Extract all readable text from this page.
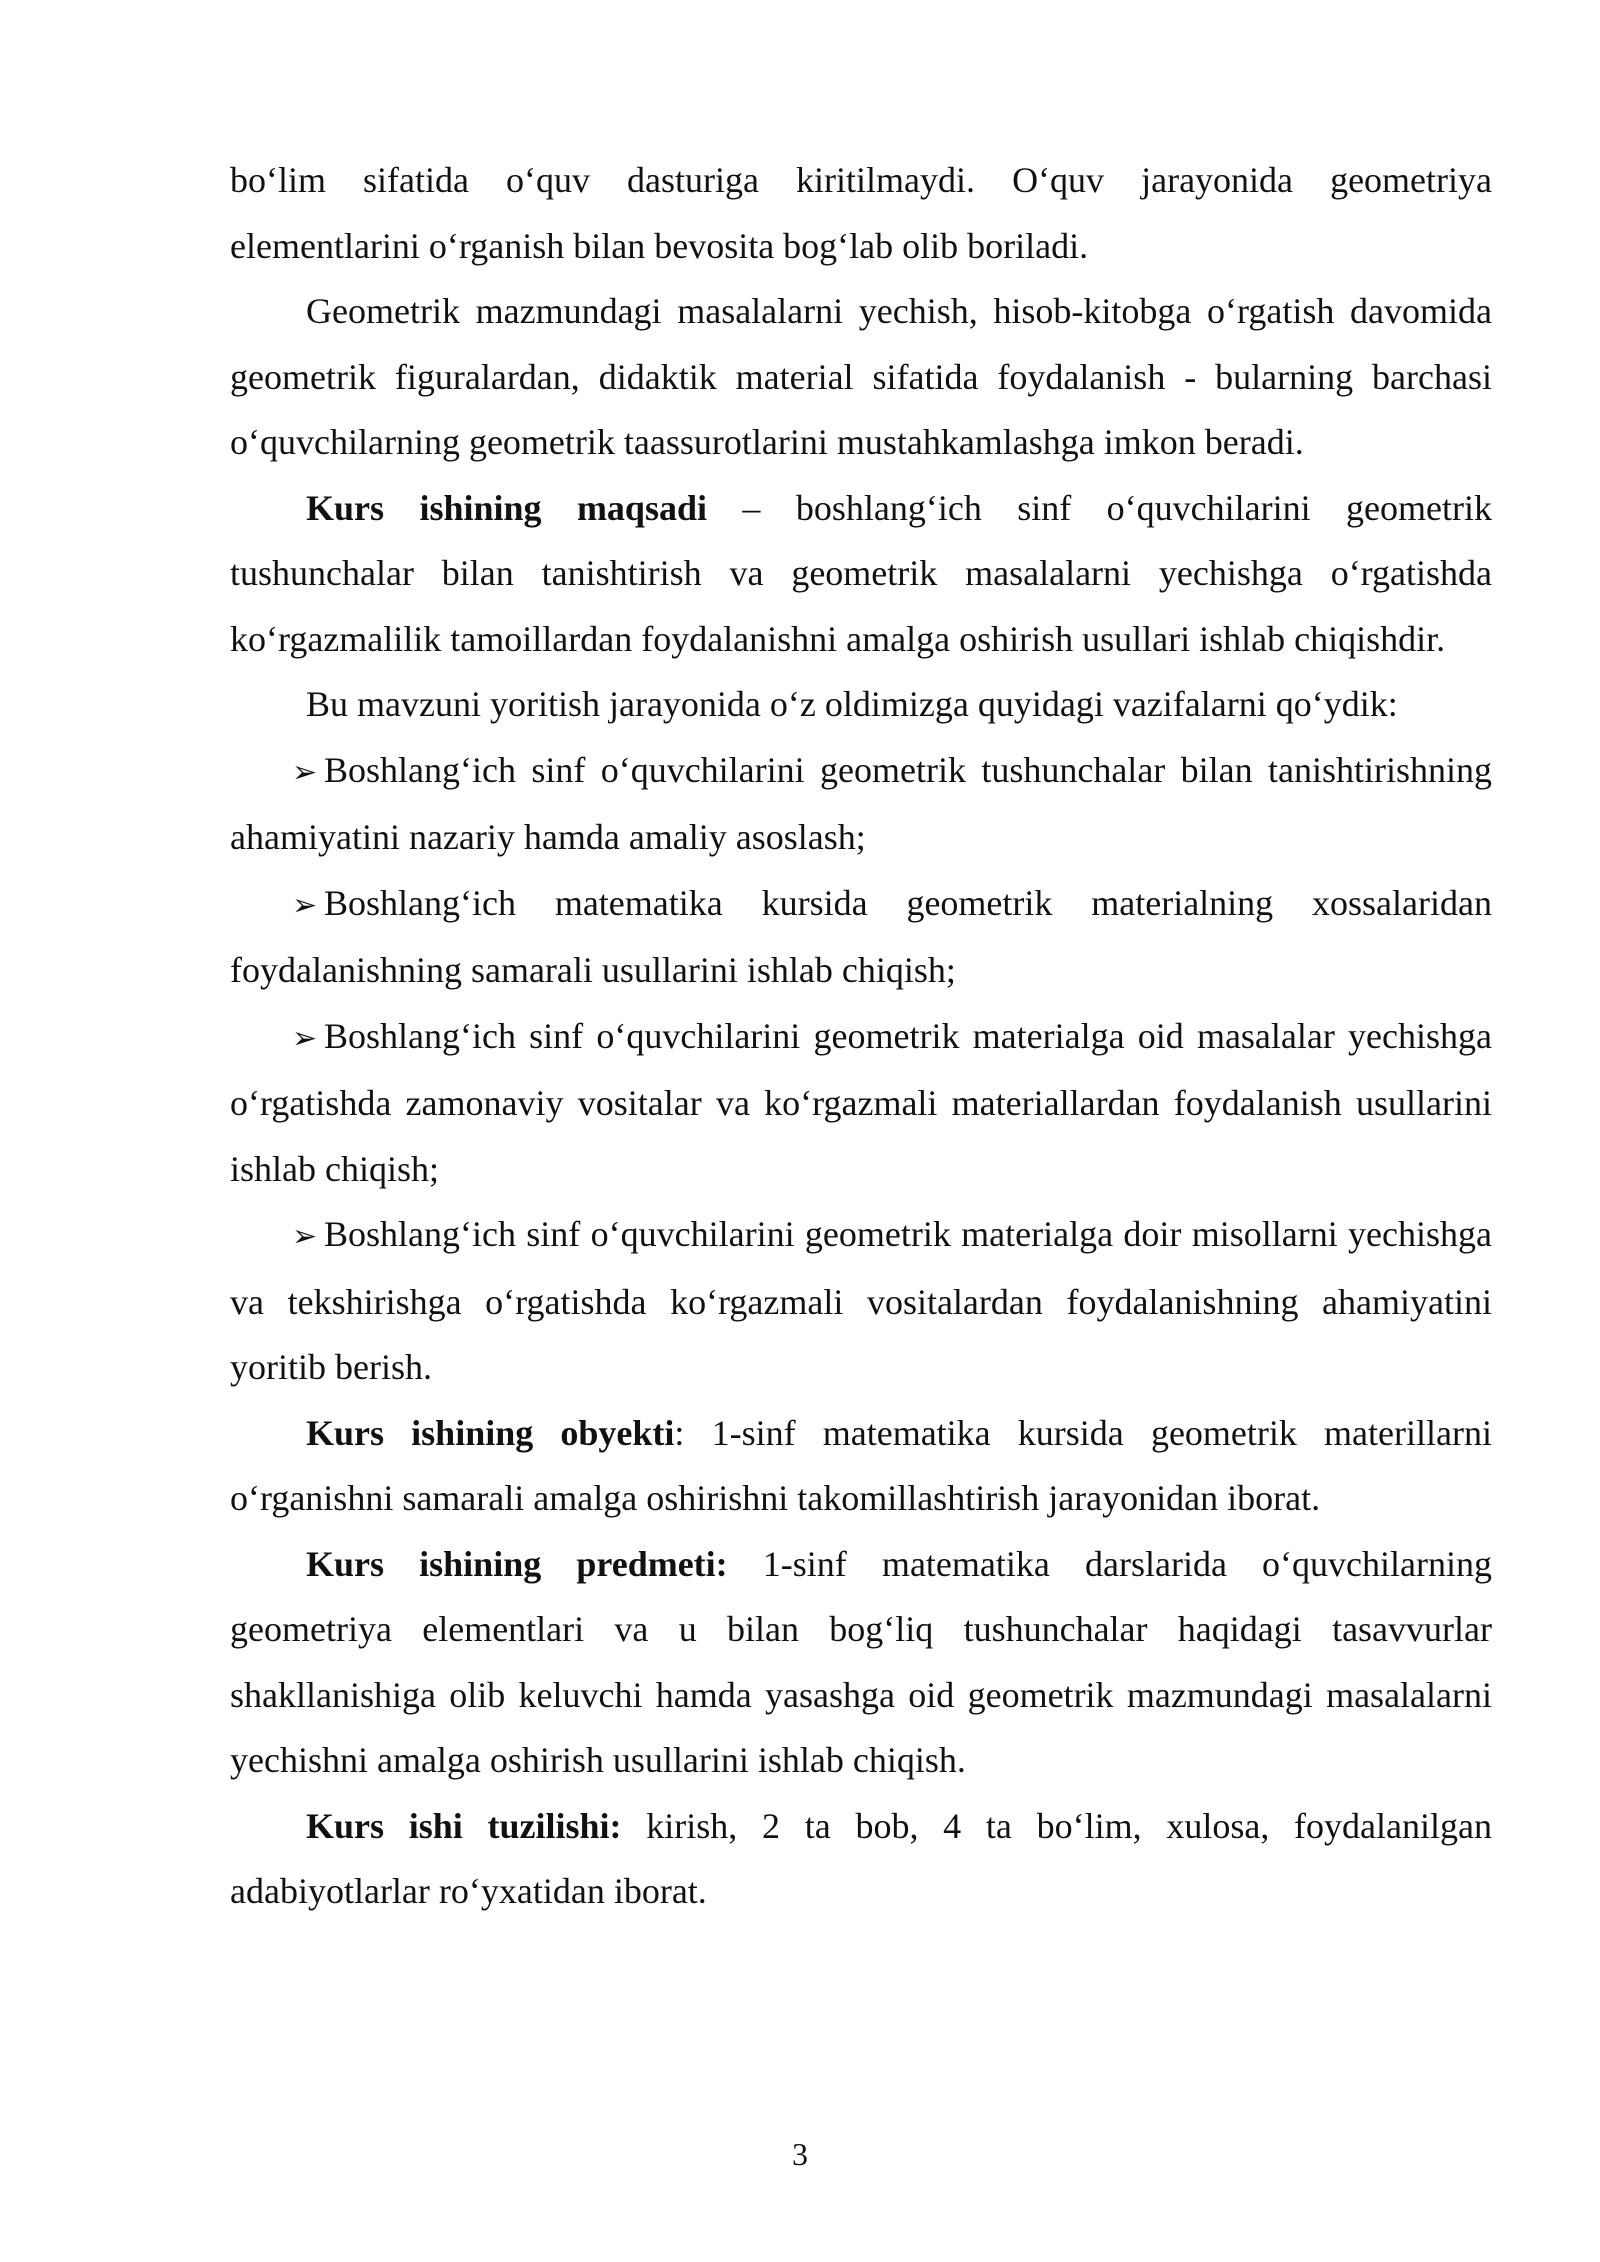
bo‘lim sifatida o‘quv dasturiga kiritilmaydi. O‘quv jarayonida geometriya elementlarini o‘rganish bilan bevosita bog‘lab olib boriladi.

Geometrik mazmundagi masalalarni yechish, hisob-kitobga o‘rgatish davomida geometrik figuralardan, didaktik material sifatida foydalanish - bularning barchasi o‘quvchilarning geometrik taassurotlarini mustahkamlashga imkon beradi.

Kurs ishining maqsadi – boshlang‘ich sinf o‘quvchilarini geometrik tushunchalar bilan tanishtirish va geometrik masalalarni yechishga o‘rgatishda ko‘rgazmalilik tamoillardan foydalanishni amalga oshirish usullari ishlab chiqishdir.

Bu mavzuni yoritish jarayonida o‘z oldimizga quyidagi vazifalarni qo‘ydik:

➢ Boshlang‘ich sinf o‘quvchilarini geometrik tushunchalar bilan tanishtirishning ahamiyatini nazariy hamda amaliy asoslash;

➢ Boshlang‘ich matematika kursida geometrik materialning xossalaridan foydalanishning samarali usullarini ishlab chiqish;

➢ Boshlang‘ich sinf o‘quvchilarini geometrik materialga oid masalalar yechishga o‘rgatishda zamonaviy vositalar va ko‘rgazmali materiallardan foydalanish usullarini ishlab chiqish;

➢ Boshlang‘ich sinf o‘quvchilarini geometrik materialga doir misollarni yechishga va tekshirishga o‘rgatishda ko‘rgazmali vositalardan foydalanishning ahamiyatini yoritib berish.

Kurs ishining obyekti: 1-sinf matematika kursida geometrik materillarni o‘rganishni samarali amalga oshirishni takomillashtirish jarayonidan iborat.

Kurs ishining predmeti: 1-sinf matematika darslarida o‘quvchilarning geometriya elementlari va u bilan bog‘liq tushunchalar haqidagi tasavvurlar shakllanishiga olib keluvchi hamda yasashga oid geometrik mazmundagi masalalarni yechishni amalga oshirish usullarini ishlab chiqish.

Kurs ishi tuzilishi: kirish, 2 ta bob, 4 ta bo‘lim, xulosa, foydalanilgan adabiyotlarlar ro‘yxatidan iborat.

3
